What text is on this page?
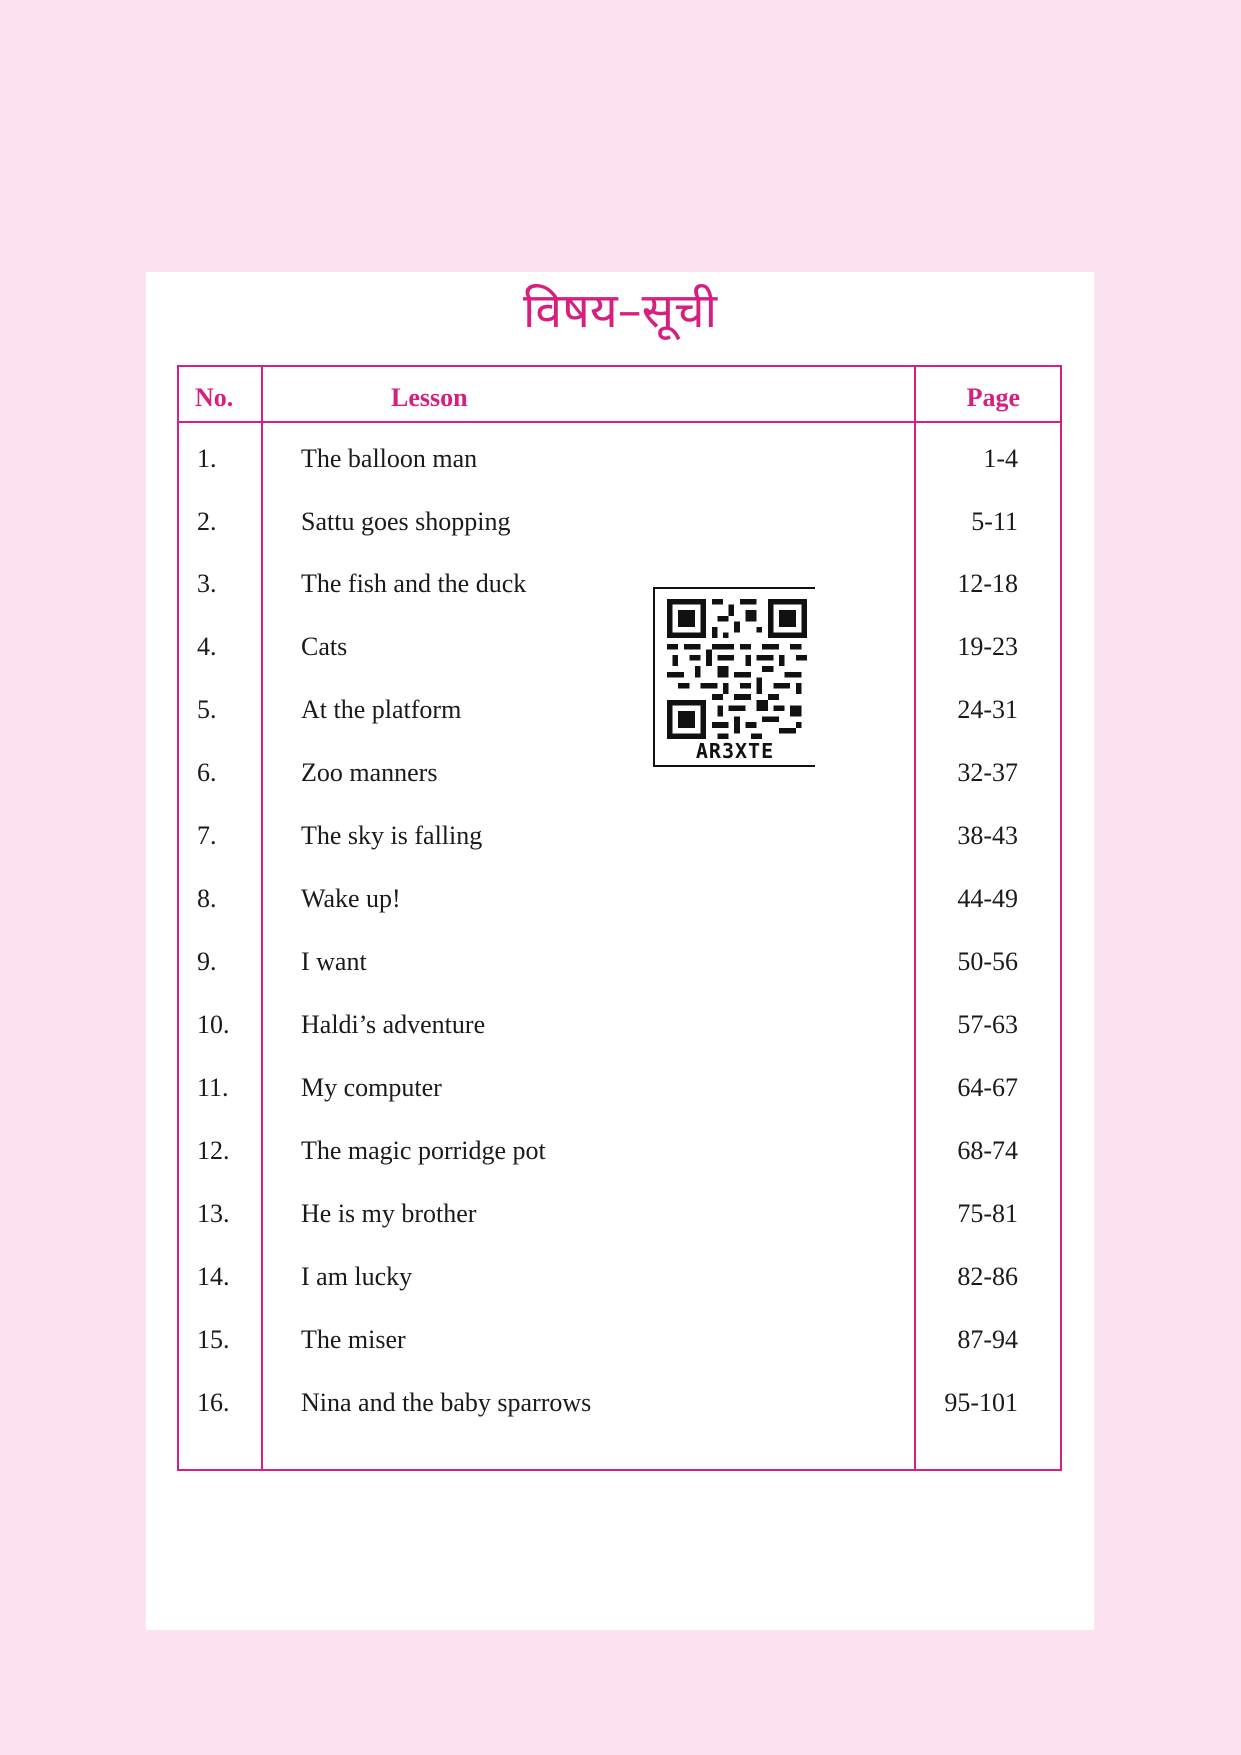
विषय–सूची
No.	Lesson	Page
1.	The balloon man	1-4
2.	Sattu goes shopping	5-11
3.	The fish and the duck	12-18
4.	Cats	19-23
5.	At the platform	24-31
6.	Zoo manners	32-37
7.	The sky is falling	38-43
8.	Wake up!	44-49
9.	I want	50-56
10.	Haldi’s adventure	57-63
11.	My computer	64-67
12.	The magic porridge pot	68-74
13.	He is my brother	75-81
14.	I am lucky	82-86
15.	The miser	87-94
16.	Nina and the baby sparrows	95-101
AR3XTE
